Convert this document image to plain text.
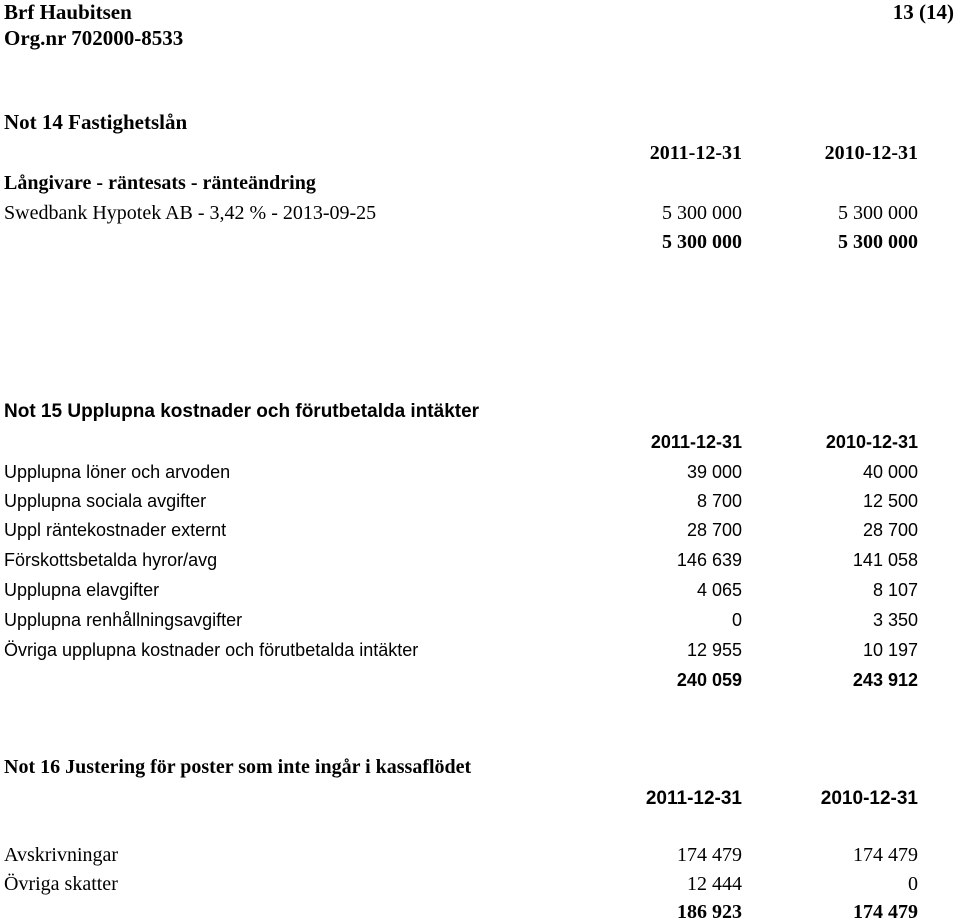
Brf Haubitsen
Org.nr 702000-8533
13 (14)
Not 14 Fastighetslån
2011-12-31	2010-12-31
Långivare - räntesats - ränteändring
Swedbank Hypotek AB - 3,42 % - 2013-09-25	5 300 000	5 300 000
5 300 000	5 300 000
Not 15 Upplupna kostnader och förutbetalda intäkter
2011-12-31	2010-12-31
Upplupna löner och arvoden	39 000	40 000
Upplupna sociala avgifter	8 700	12 500
Uppl räntekostnader externt	28 700	28 700
Förskottsbetalda hyror/avg	146 639	141 058
Upplupna elavgifter	4 065	8 107
Upplupna renhållningsavgifter	0	3 350
Övriga upplupna kostnader och förutbetalda intäkter	12 955	10 197
240 059	243 912
Not 16 Justering för poster som inte ingår i kassaflödet
2011-12-31	2010-12-31
Avskrivningar	174 479	174 479
Övriga skatter	12 444	0
186 923	174 479
